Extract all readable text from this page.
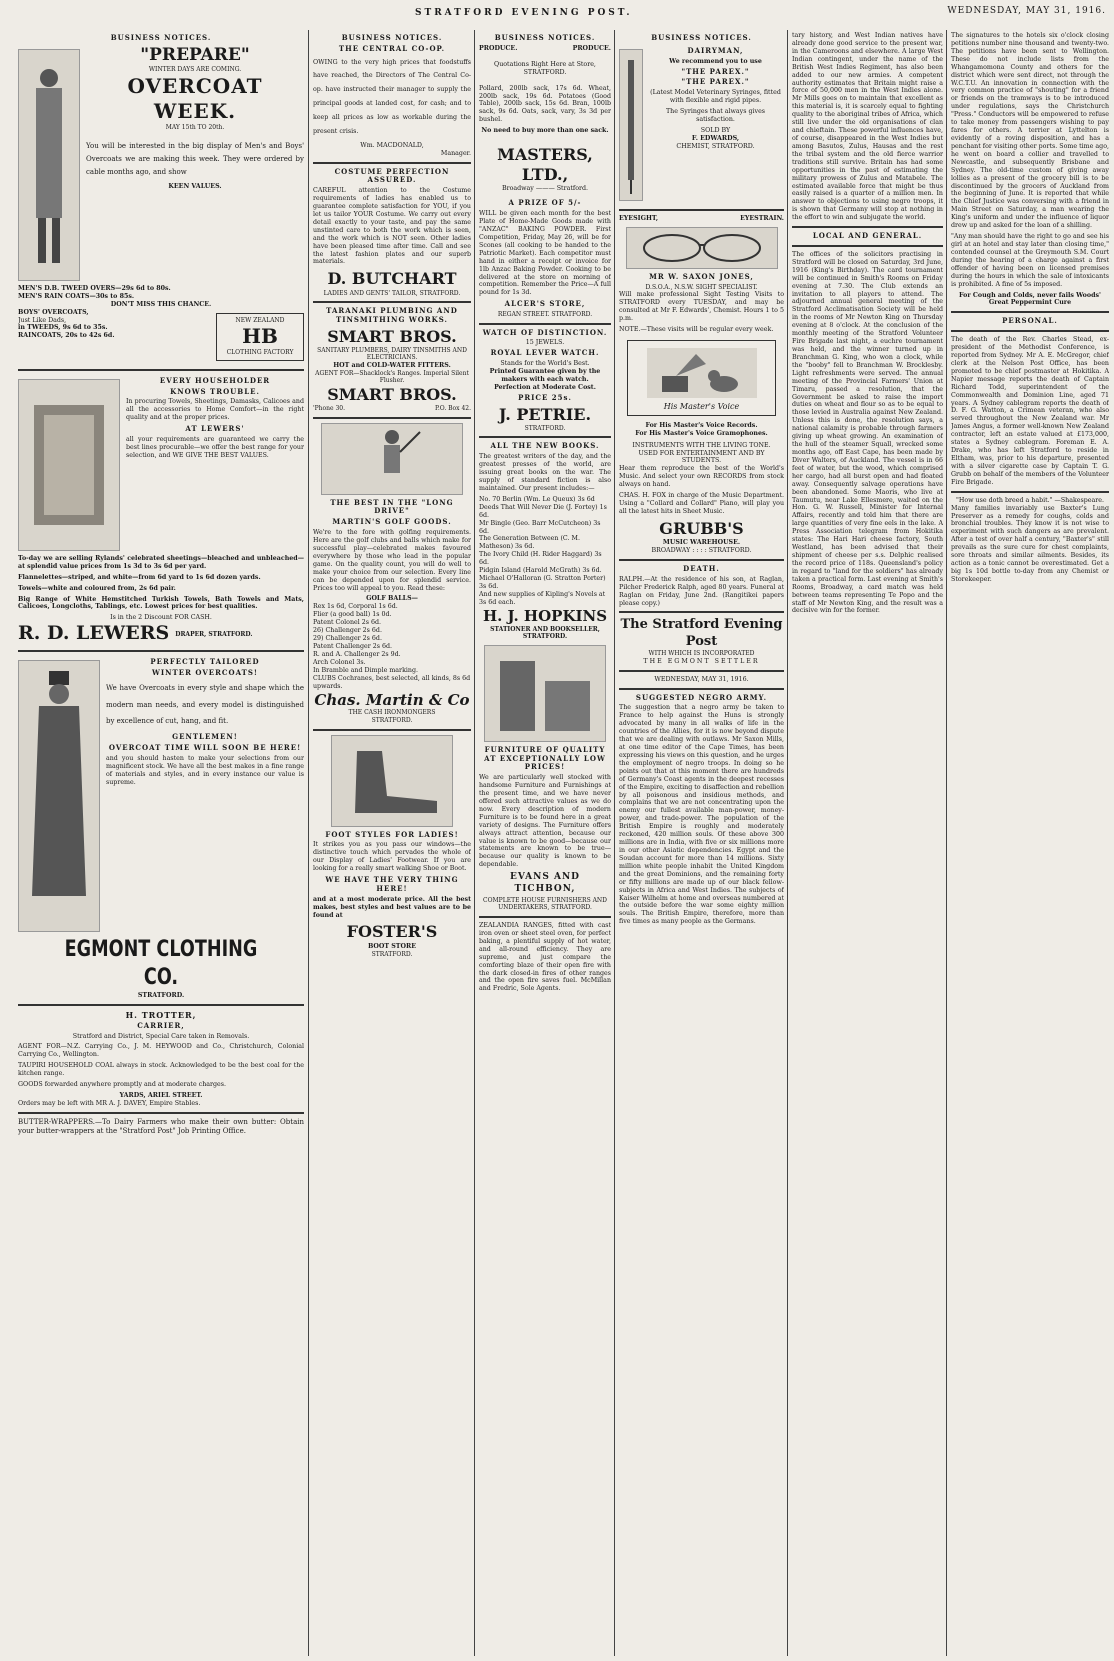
STRATFORD EVENING POST.	WEDNESDAY, MAY 31, 1916.
BUSINESS NOTICES.
"PREPARE"
WINTER DAYS ARE COMING.
OVERCOAT
WEEK.
MAY 15th TO 20th.

You will be interested in the big display of Men's and Boys' Overcoats we are making this week. They were ordered by cable months ago, and show

KEEN VALUES.
MEN'S D.B. TWEED OVERS—29s 6d to 80s.
MEN'S RAIN COATS—30s to 85s.
DON'T MISS THIS CHANCE.
BOYS' OVERCOATS,
Just Like Dads,
in TWEEDS, 9s 6d to 35s.
RAINCOATS, 20s to 42s 6d.
NEW ZEALAND
HB
CLOTHING FACTORY
EVERY HOUSEHOLDER
KNOWS TROUBLE.

In procuring Towels, Sheetings, Damasks, Calicoes and all the accessories to Home Comfort—in the right quality and at the proper prices.

AT LEWERS'

all your requirements are guaranteed we carry the best lines procurable—we offer the best range for your selection, and WE GIVE THE BEST VALUES.

To-day we are selling Rylands' celebrated sheetings—bleached and unbleached—at splendid value prices from 1s 3d to 3s 6d per yard.

Flannelettes—striped, and white—from 6d yard to 1s 6d dozen yards.

Towels—white and coloured from, 2s 6d pair.

Big Range of White Hemstitched Turkish Towels, Bath Towels and Mats, Calicoes, Longcloths, Tablings, etc. Lowest prices for best qualities.

Is in the 2 Discount FOR CASH.
R. D. LEWERS DRAPER, STRATFORD.
PERFECTLY TAILORED
WINTER OVERCOATS!

We have Overcoats in every style and shape which the modern man needs, and every model is distinguished by excellence of cut, hang, and fit.

GENTLEMEN!
OVERCOAT TIME WILL SOON BE HERE!

and you should hasten to make your selections from our magnificent stock. We have all the best makes in a fine range of materials and styles, and in every instance our value is supreme.

EGMONT CLOTHING CO.
STRATFORD.
H. TROTTER,
CARRIER,

Stratford and District, Special Care taken in Removals.

AGENT FOR—N.Z. Carrying Co., J. M. HEYWOOD and Co., Christchurch, Colonial Carrying Co., Wellington.

TAUPIRI HOUSEHOLD COAL always in stock. Acknowledged to be the best coal for the kitchen range.

GOODS forwarded anywhere promptly and at moderate charges.

YARDS, ARIEL STREET.

Orders may be left with MR A. J. DAVEY, Empire Stables.

BUTTER-WRAPPERS.—To Dairy Farmers who make their own butter: Obtain your butter-wrappers at the "Stratford Post" Job Printing Office.

BUSINESS NOTICES.
THE CENTRAL CO-OP.

OWING to the very high prices that foodstuffs have reached, the Directors of The Central Co-op. have instructed their manager to supply the principal goods at landed cost, for cash; and to keep all prices as low as workable during the present crisis.

Wm. MACDONALD,
Manager.
COSTUME PERFECTION ASSURED.

CAREFUL attention to the Costume requirements of ladies has enabled us to guarantee complete satisfaction for YOU, if you let us tailor YOUR Costume. We carry out every detail exactly to your taste, and pay the same unstinted care to both the work which is seen, and the work which is NOT seen. Other ladies have been pleased time after time. Call and see the latest fashion plates and our superb materials.

D. BUTCHART
LADIES AND GENTS' TAILOR, STRATFORD.
TARANAKI PLUMBING AND TINSMITHING WORKS.
SMART BROS.
SANITARY PLUMBERS, DAIRY TINSMITHS AND ELECTRICIANS.
HOT and COLD-WATER FITTERS.
AGENT FOR—Shacklock's Ranges. Imperial Silent Flusher.
SMART BROS.
'Phone 30.	P.O. Box 42.
THE BEST IN THE "LONG DRIVE"
MARTIN'S GOLF GOODS.

We're to the fore with golfing requirements. Here are the golf clubs and balls which make for successful play—celebrated makes favoured everywhere by those who lead in the popular game. On the quality count, you will do well to make your choice from our selection. Every line can be depended upon for splendid service. Prices too will appeal to you. Read these:

GOLF BALLS—
Rex 1s 6d, Corporal 1s 6d.
Flier (a good ball) 1s 0d.
Patent Colonel 2s 6d.
26) Challenger 2s 6d.
29) Challenger 2s 6d.
Patent Challenger 2s 6d.
R. and A. Challenger 2s 9d.
Arch Colonel 3s.
In Bramble and Dimple marking.
CLUBS Cochranes, best selected, all kinds, 8s 6d upwards.
Chas. Martin & Co
THE CASH IRONMONGERS
STRATFORD.
FOOT STYLES FOR LADIES!

It strikes you as you pass our windows—the distinctive touch which pervades the whole of our Display of Ladies' Footwear. If you are looking for a really smart walking Shoe or Boot.

WE HAVE THE VERY THING HERE!

and at a most moderate price. All the best makes, best styles and best values are to be found at

FOSTER'S
BOOT STORE
STRATFORD.
BUSINESS NOTICES.
PRODUCE.	PRODUCE.
Quotations Right Here at Store, STRATFORD.

Pollard, 200lb sack, 17s 6d. Wheat, 200lb sack, 19s 6d. Potatoes (Good Table), 200lb sack, 15s 6d. Bran, 100lb sack, 9s 6d. Oats, sack, vary, 3s 3d per bushel.

No need to buy more than one sack.
MASTERS, LTD.,
Broadway ——— Stratford.
A PRIZE OF 5/-

WILL be given each month for the best Plate of Home-Made Goods made with "ANZAC" BAKING POWDER. First Competition, Friday, May 26, will be for Scones (all cooking to be handed to the Patriotic Market). Each competitor must hand in either a receipt or invoice for 1lb Anzac Baking Powder. Cooking to be delivered at the store on morning of competition. Remember the Price—A full pound for 1s 3d.

ALCER'S STORE,
REGAN STREET. STRATFORD.
WATCH OF DISTINCTION.
15 JEWELS.
ROYAL LEVER WATCH.
Stands for the World's Best.
Printed Guarantee given by the makers with each watch.
Perfection at Moderate Cost.
PRICE 25s.
J. PETRIE.
STRATFORD.
ALL THE NEW BOOKS.

The greatest writers of the day, and the greatest presses of the world, are issuing great books on the war. The supply of standard fiction is also maintained. Our present includes:—

No. 70 Berlin (Wm. Le Queux) 3s 6d
Deeds That Will Never Die (J. Fortey) 1s 6d.
Mr Bingle (Geo. Barr McCutcheon) 3s 6d.
The Generation Between (C. M. Matheson) 3s 6d.
The Ivory Child (H. Rider Haggard) 3s 6d.
Pidgin Island (Harold McGrath) 3s 6d.
Michael O'Halloran (G. Stratton Porter) 3s 6d.
And new supplies of Kipling's Novels at 3s 6d each.
H. J. HOPKINS
STATIONER AND BOOKSELLER, STRATFORD.
FURNITURE OF QUALITY AT EXCEPTIONALLY LOW PRICES!

We are particularly well stocked with handsome Furniture and Furnishings at the present time, and we have never offered such attractive values as we do now. Every description of modern Furniture is to be found here in a great variety of designs. The Furniture offers always attract attention, because our value is known to be good—because our statements are known to be true—because our quality is known to be dependable.

EVANS AND TICHBON,
COMPLETE HOUSE FURNISHERS AND UNDERTAKERS, STRATFORD.

ZEALANDIA RANGES, fitted with cast iron oven or sheet steel oven, for perfect baking, a plentiful supply of hot water, and all-round efficiency. They are supreme, and just compare the comforting blaze of their open fire with the dark closed-in fires of other ranges and the open fire saves fuel. McMillan and Fredric, Sole Agents.

BUSINESS NOTICES.
DAIRYMAN,
We recommend you to use
"THE PAREX."
"THE PAREX."

(Latest Model Veterinary Syringes, fitted with flexible and rigid pipes.

The Syringes that always gives satisfaction.

SOLD BY
F. EDWARDS,
CHEMIST, STRATFORD.
EYESIGHT,	EYESTRAIN.
MR W. SAXON JONES,
D.S.O.A., N.S.W. SIGHT SPECIALIST.

Will make professional Sight Testing Visits to STRATFORD every TUESDAY, and may be consulted at Mr F. Edwards', Chemist. Hours 1 to 5 p.m.

NOTE.—These visits will be regular every week.

His Master's Voice
For His Master's Voice Records.
For His Master's Voice Gramophones.
INSTRUMENTS WITH THE LIVING TONE.
USED FOR ENTERTAINMENT AND BY STUDENTS.

Hear them reproduce the best of the World's Music. And select your own RECORDS from stock always on hand.

CHAS. H. FOX in charge of the Music Department. Using a "Collard and Collard" Piano, will play you all the latest hits in Sheet Music.

GRUBB'S
MUSIC WAREHOUSE.
BROADWAY : : : : STRATFORD.
DEATH.

RALPH.—At the residence of his son, at Raglan, Pilcher Frederick Ralph, aged 80 years. Funeral at Raglan on Friday, June 2nd. (Rangitikei papers please copy.)

The Stratford Evening Post
WITH WHICH IS INCORPORATED
THE EGMONT SETTLER
WEDNESDAY, MAY 31, 1916.
SUGGESTED NEGRO ARMY.

The suggestion that a negro army be taken to France to help against the Huns is strongly advocated by many in all walks of life in the countries of the Allies, for it is now beyond dispute that we are dealing with outlaws. Mr Saxon Mills, at one time editor of the Cape Times, has been expressing his views on this question, and he urges the employment of negro troops. In doing so he points out that at this moment there are hundreds of Germany's Coast agents in the deepest recesses of the Empire, exciting to disaffection and rebellion by all poisonous and insidious methods, and complains that we are not concentrating upon the enemy our fullest available man-power, money-power, and trade-power. The population of the British Empire is roughly and moderately reckoned, 420 million souls. Of these above 300 millions are in India, with five or six millions more in our other Asiatic dependencies. Egypt and the Soudan account for more than 14 millions. Sixty million white people inhabit the United Kingdom and the great Dominions, and the remaining forty or fifty millions are made up of our black fellow-subjects in Africa and West Indies. The subjects of Kaiser Wilhelm at home and overseas numbered at the outside before the war some eighty million souls. The British Empire, therefore, more than five times as many people as the Germans.

tary history, and West Indian natives have already done good service to the present war, in the Cameroons and elsewhere. A large West Indian contingent, under the name of the British West Indies Regiment, has also been added to our new armies. A competent authority estimates that Britain might raise a force of 50,000 men in the West Indies alone. Mr Mills goes on to maintain that excellent as this material is, it is scarcely equal to fighting quality to the aboriginal tribes of Africa, which still live under the old organisations of clan and chieftain. These powerful influences have, of course, disappeared in the West Indies but among Basutos, Zulus, Hausas and the rest the tribal system and the old fierce warrior traditions still survive. Britain has had some opportunities in the past of estimating the military prowess of Zulus and Matabele. The estimated available force that might be thus easily raised is a quarter of a million men. In answer to objections to using negro troops, it is shown that Germany will stop at nothing in the effort to win and subjugate the world.

LOCAL AND GENERAL.

The offices of the solicitors practising in Stratford will be closed on Saturday, 3rd June, 1916 (King's Birthday). The card tournament will be continued in Smith's Rooms on Friday evening at 7.30. The Club extends an invitation to all players to attend. The adjourned annual general meeting of the Stratford Acclimatisation Society will be held in the rooms of Mr Newton King on Thursday evening at 8 o'clock. At the conclusion of the monthly meeting of the Stratford Volunteer Fire Brigade last night, a euchre tournament was held, and the winner turned up in Branchman G. King, who won a clock, while the "booby" fell to Branchman W. Brocklesby. Light refreshments were served. The annual meeting of the Provincial Farmers' Union at Timaru, passed a resolution, that the Government be asked to raise the import duties on wheat and flour so as to be equal to those levied in Australia against New Zealand. Unless this is done, the resolution says, a national calamity is probable through farmers giving up wheat growing. An examination of the hull of the steamer Squall, wrecked some months ago, off East Cape, has been made by Diver Walters, of Auckland. The vessel is in 66 feet of water, but the wood, which comprised her cargo, had all burst open and had floated away. Consequently salvage operations have been abandoned. Some Maoris, who live at Taumutu, near Lake Ellesmere, waited on the Hon. G. W. Russell, Minister for Internal Affairs, recently and told him that there are large quantities of very fine eels in the lake. A Press Association telegram from Hokitika states: The Hari Hari cheese factory, South Westland, has been advised that their shipment of cheese per s.s. Delphic realised the record price of 118s. Queensland's policy in regard to "land for the soldiers" has already taken a practical form. Last evening at Smith's Rooms, Broadway, a card match was held between teams representing Te Popo and the staff of Mr Newton King, and the result was a decisive win for the former.

The signatures to the hotels six o'clock closing petitions number nine thousand and twenty-two. The petitions have been sent to Wellington. These do not include lists from the Whangamomona County and others for the district which were sent direct, not through the W.C.T.U. An innovation in connection with the very common practice of "shouting" for a friend or friends on the tramways is to be introduced under regulations, says the Christchurch "Press." Conductors will be empowered to refuse to take money from passengers wishing to pay fares for others. A terrier at Lyttelton is evidently of a roving disposition, and has a penchant for visiting other ports. Some time ago, he went on board a collier and travelled to Newcastle, and subsequently Brisbane and Sydney. The old-time custom of giving away lollies as a present of the grocery bill is to be discontinued by the grocers of Auckland from the beginning of June. It is reported that while the Chief Justice was conversing with a friend in Main Street on Saturday, a man wearing the King's uniform and under the influence of liquor drew up and asked for the loan of a shilling.

"Any man should have the right to go and see his girl at an hotel and stay later than closing time," contended counsel at the Greymouth S.M. Court during the hearing of a charge against a first offender of having been on licensed premises during the hours in which the sale of intoxicants is prohibited. A fine of 5s imposed.

For Cough and Colds, never fails Woods' Great Peppermint Cure
PERSONAL.

The death of the Rev. Charles Stead, ex-president of the Methodist Conference, is reported from Sydney. Mr A. E. McGregor, chief clerk at the Nelson Post Office, has been promoted to be chief postmaster at Hokitika. A Napier message reports the death of Captain Richard Todd, superintendent of the Commonwealth and Dominion Line, aged 71 years. A Sydney cablegram reports the death of D. F. G. Watton, a Crimean veteran, who also served throughout the New Zealand war. Mr James Angus, a former well-known New Zealand contractor, left an estate valued at £173,000, states a Sydney cablegram. Foreman E. A. Drake, who has left Stratford to reside in Eltham, was, prior to his departure, presented with a silver cigarette case by Captain T. G. Grubb on behalf of the members of the Volunteer Fire Brigade.

"How use doth breed a habit." —Shakespeare.

Many families invariably use Baxter's Lung Preserver as a remedy for coughs, colds and bronchial troubles. They know it is not wise to experiment with such dangers as are prevalent. After a test of over half a century, "Baxter's" still prevails as the sure cure for chest complaints, sore throats and similar ailments. Besides, its action as a tonic cannot be overestimated. Get a big 1s 10d bottle to-day from any Chemist or Storekeeper.
